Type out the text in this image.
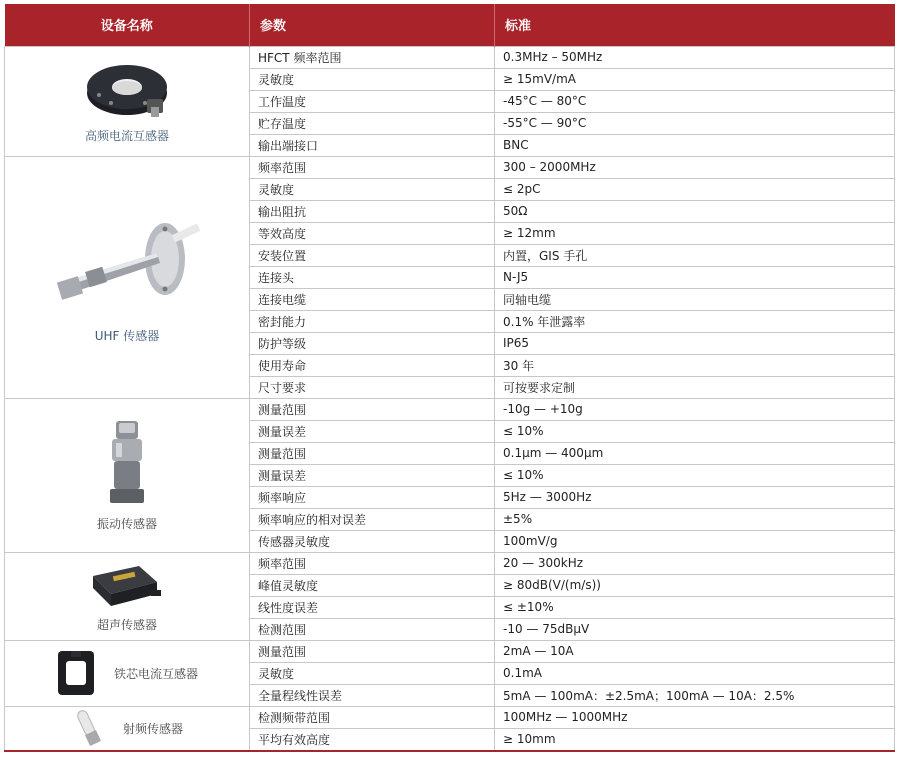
设备名称	参数	标准

高频电流互感器	HFCT 频率范围	0.3MHz – 50MHz
	灵敏度	≥ 15mV/mA
	工作温度	-45°C — 80°C
	贮存温度	-55°C — 90°C
	输出端接口	BNC

UHF 传感器	频率范围	300 – 2000MHz
	灵敏度	≤ 2pC
	输出阻抗	50Ω
	等效高度	≥ 12mm
	安装位置	内置，GIS 手孔
	连接头	N-J5
	连接电缆	同轴电缆
	密封能力	0.1% 年泄露率
	防护等级	IP65
	使用寿命	30 年
	尺寸要求	可按要求定制

振动传感器	测量范围	-10g — +10g
	测量误差	≤ 10%
	测量范围	0.1μm — 400μm
	测量误差	≤ 10%
	频率响应	5Hz — 3000Hz
	频率响应的相对误差	±5%
	传感器灵敏度	100mV/g

超声传感器	频率范围	20 — 300kHz
	峰值灵敏度	≥ 80dB(V/(m/s))
	线性度误差	≤ ±10%
	检测范围	-10 — 75dBμV

铁芯电流互感器	测量范围	2mA — 10A
	灵敏度	0.1mA
	全量程线性误差	5mA — 100mA：±2.5mA；100mA — 10A：2.5%

射频传感器	检测频带范围	100MHz — 1000MHz
	平均有效高度	≥ 10mm
